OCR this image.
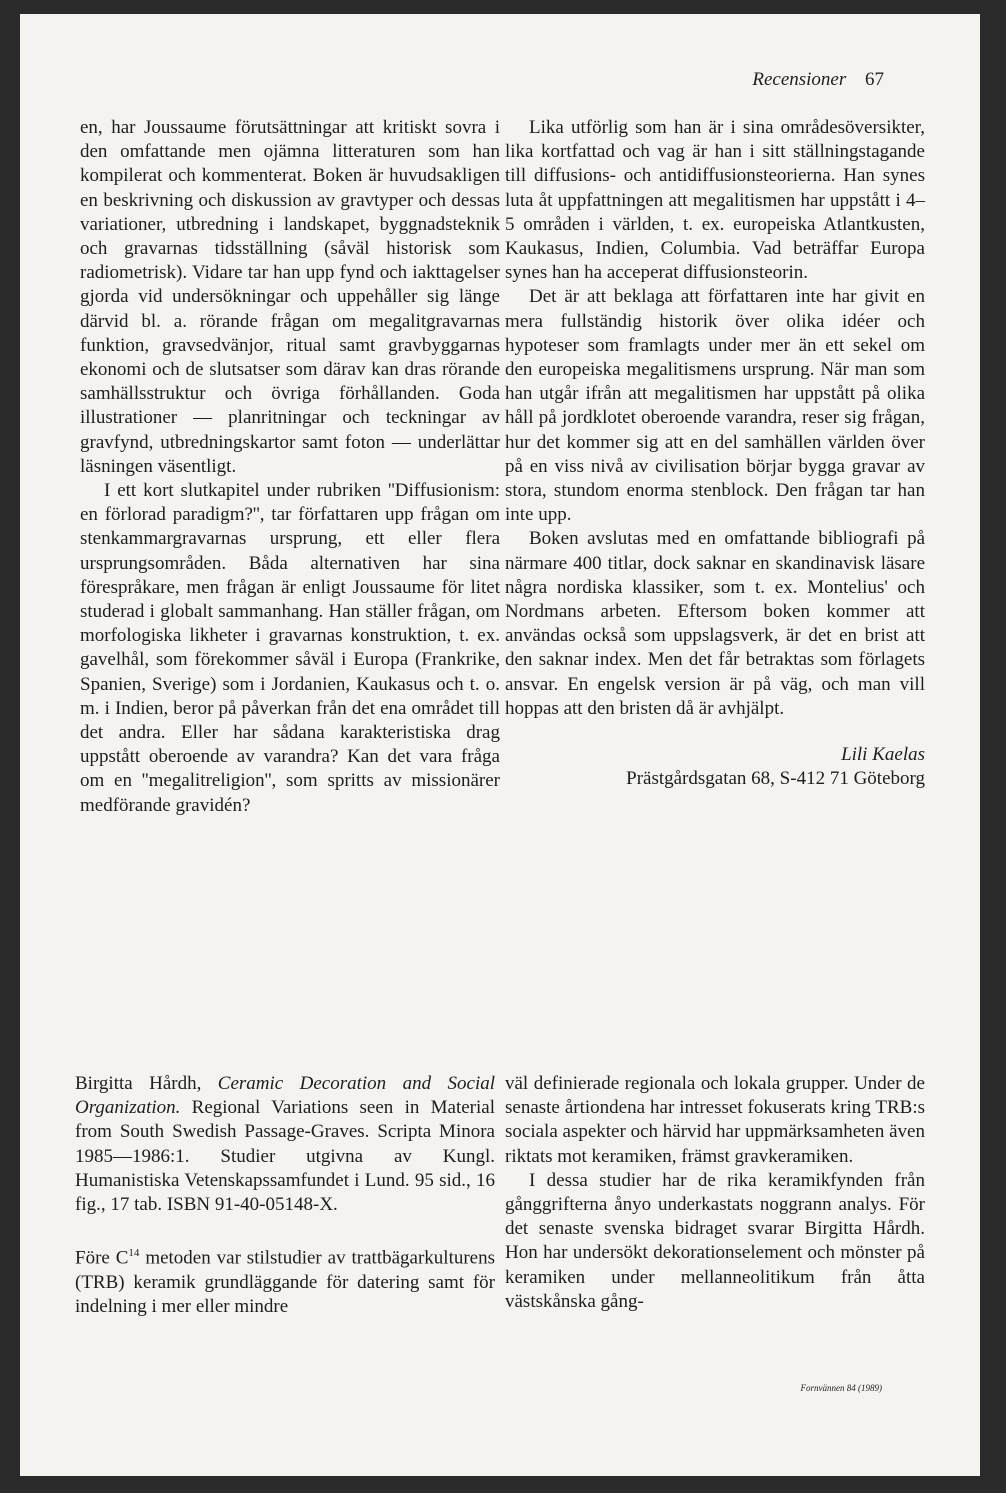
Recensioner 67

en, har Joussaume förutsättningar att kritiskt sovra i den omfattande men ojämna litteraturen som han kompilerat och kommenterat. Boken är huvudsakligen en beskrivning och diskussion av gravtyper och dessas variationer, utbredning i landskapet, byggnadsteknik och gravarnas tidsställning (såväl historisk som radiometrisk). Vidare tar han upp fynd och iakttagelser gjorda vid undersökningar och uppehåller sig länge därvid bl. a. rörande frågan om megalitgravarnas funktion, gravsedvänjor, ritual samt gravbyggarnas ekonomi och de slutsatser som därav kan dras rörande samhällsstruktur och övriga förhållanden. Goda illustrationer — planritningar och teckningar av gravfynd, utbredningskartor samt foton — underlättar läsningen väsentligt.

I ett kort slutkapitel under rubriken ''Diffusionism: en förlorad paradigm?'', tar författaren upp frågan om stenkammargravarnas ursprung, ett eller flera ursprungsområden. Båda alternativen har sina förespråkare, men frågan är enligt Joussaume för litet studerad i globalt sammanhang. Han ställer frågan, om morfologiska likheter i gravarnas konstruktion, t. ex. gavelhål, som förekommer såväl i Europa (Frankrike, Spanien, Sverige) som i Jordanien, Kaukasus och t. o. m. i Indien, beror på påverkan från det ena området till det andra. Eller har sådana karakteristiska drag uppstått oberoende av varandra? Kan det vara fråga om en ''megalitreligion'', som spritts av missionärer medförande gravidén?

Lika utförlig som han är i sina områdesöversikter, lika kortfattad och vag är han i sitt ställningstagande till diffusions- och antidiffusionsteorierna. Han synes luta åt uppfattningen att megalitismen har uppstått i 4–5 områden i världen, t. ex. europeiska Atlantkusten, Kaukasus, Indien, Columbia. Vad beträffar Europa synes han ha acceperat diffusionsteorin.

Det är att beklaga att författaren inte har givit en mera fullständig historik över olika idéer och hypoteser som framlagts under mer än ett sekel om den europeiska megalitismens ursprung. När man som han utgår ifrån att megalitismen har uppstått på olika håll på jordklotet oberoende varandra, reser sig frågan, hur det kommer sig att en del samhällen världen över på en viss nivå av civilisation börjar bygga gravar av stora, stundom enorma stenblock. Den frågan tar han inte upp.

Boken avslutas med en omfattande bibliografi på närmare 400 titlar, dock saknar en skandinavisk läsare några nordiska klassiker, som t. ex. Montelius' och Nordmans arbeten. Eftersom boken kommer att användas också som uppslagsverk, är det en brist att den saknar index. Men det får betraktas som förlagets ansvar. En engelsk version är på väg, och man vill hoppas att den bristen då är avhjälpt.

Lili Kaelas
Prästgårdsgatan 68, S-412 71 Göteborg

Birgitta Hårdh, Ceramic Decoration and Social Organization. Regional Variations seen in Material from South Swedish Passage-Graves. Scripta Minora 1985—1986:1. Studier utgivna av Kungl. Humanistiska Vetenskapssamfundet i Lund. 95 sid., 16 fig., 17 tab. ISBN 91-40-05148-X.

Före $C^{14}$ metoden var stilstudier av trattbägarkulturens (TRB) keramik grundläggande för datering samt för indelning i mer eller mindre

väl definierade regionala och lokala grupper. Under de senaste årtiondena har intresset fokuserats kring TRB:s sociala aspekter och härvid har uppmärksamheten även riktats mot keramiken, främst gravkeramiken.

I dessa studier har de rika keramikfynden från gånggrifterna ånyo underkastats noggrann analys. För det senaste svenska bidraget svarar Birgitta Hårdh. Hon har undersökt dekorationselement och mönster på keramiken under mellanneolitikum från åtta västskånska gång-

Fornvännen 84 (1989)
